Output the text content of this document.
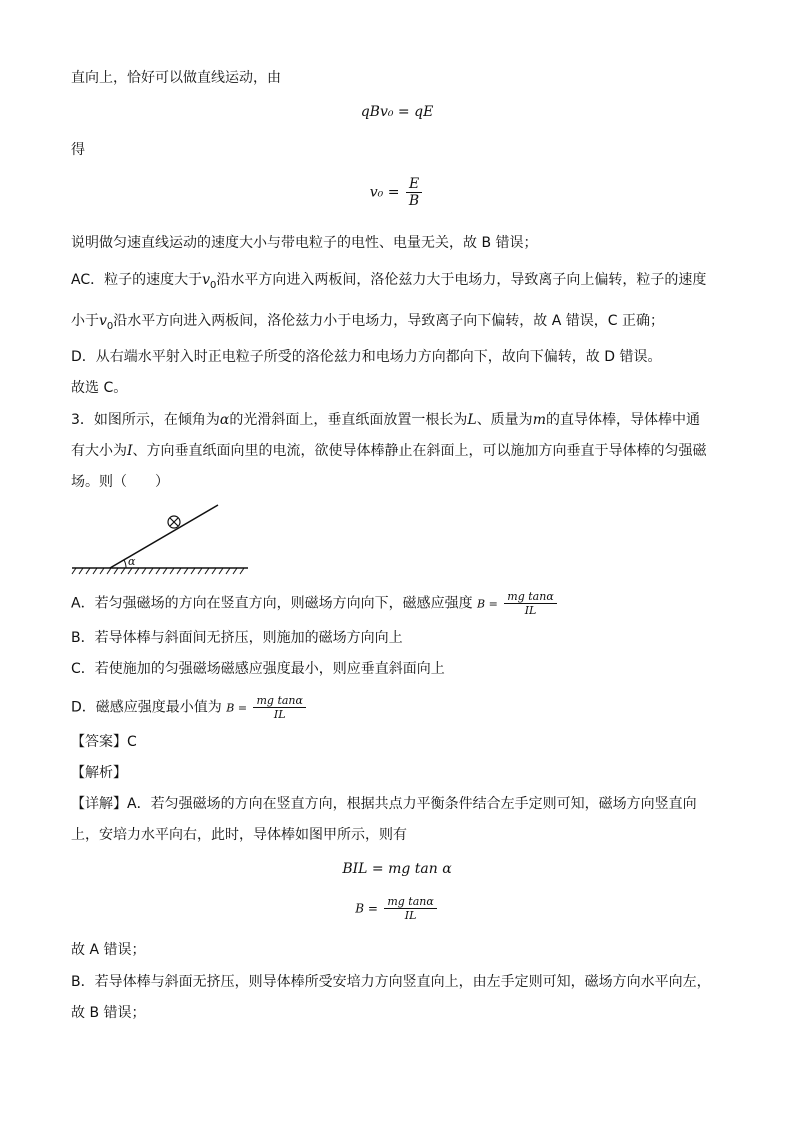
直向上，恰好可以做直线运动，由
qBv₀ = qE
得
$v_0 = \frac{E}{B}$
说明做匀速直线运动的速度大小与带电粒子的电性、电量无关，故 B 错误；
AC．粒子的速度大于$v_0$沿水平方向进入两板间，洛伦兹力大于电场力，导致离子向上偏转，粒子的速度
小于$v_0$沿水平方向进入两板间，洛伦兹力小于电场力，导致离子向下偏转，故 A 错误，C 正确；
D．从右端水平射入时正电粒子所受的洛伦兹力和电场力方向都向下，故向下偏转，故 D 错误。
故选 C。
3．如图所示，在倾角为α的光滑斜面上，垂直纸面放置一根长为L、质量为m的直导体棒，导体棒中通
有大小为I、方向垂直纸面向里的电流，欲使导体棒静止在斜面上，可以施加方向垂直于导体棒的匀强磁
场。则（　　）
α
A．若匀强磁场的方向在竖直方向，则磁场方向向下，磁感应强度 $B = \frac{\text{mg tanα}}{IL}$
B．若导体棒与斜面间无挤压，则施加的磁场方向向上
C．若使施加的匀强磁场磁感应强度最小，则应垂直斜面向上
D．磁感应强度最小值为 $B = \frac{\text{mg tanα}}{IL}$
【答案】C
【解析】
【详解】A．若匀强磁场的方向在竖直方向，根据共点力平衡条件结合左手定则可知，磁场方向竖直向
上，安培力水平向右，此时，导体棒如图甲所示，则有
BIL = mg tan α
$B = \frac{\text{mg tanα}}{IL}$
故 A 错误；
B．若导体棒与斜面无挤压，则导体棒所受安培力方向竖直向上，由左手定则可知，磁场方向水平向左，
故 B 错误；
